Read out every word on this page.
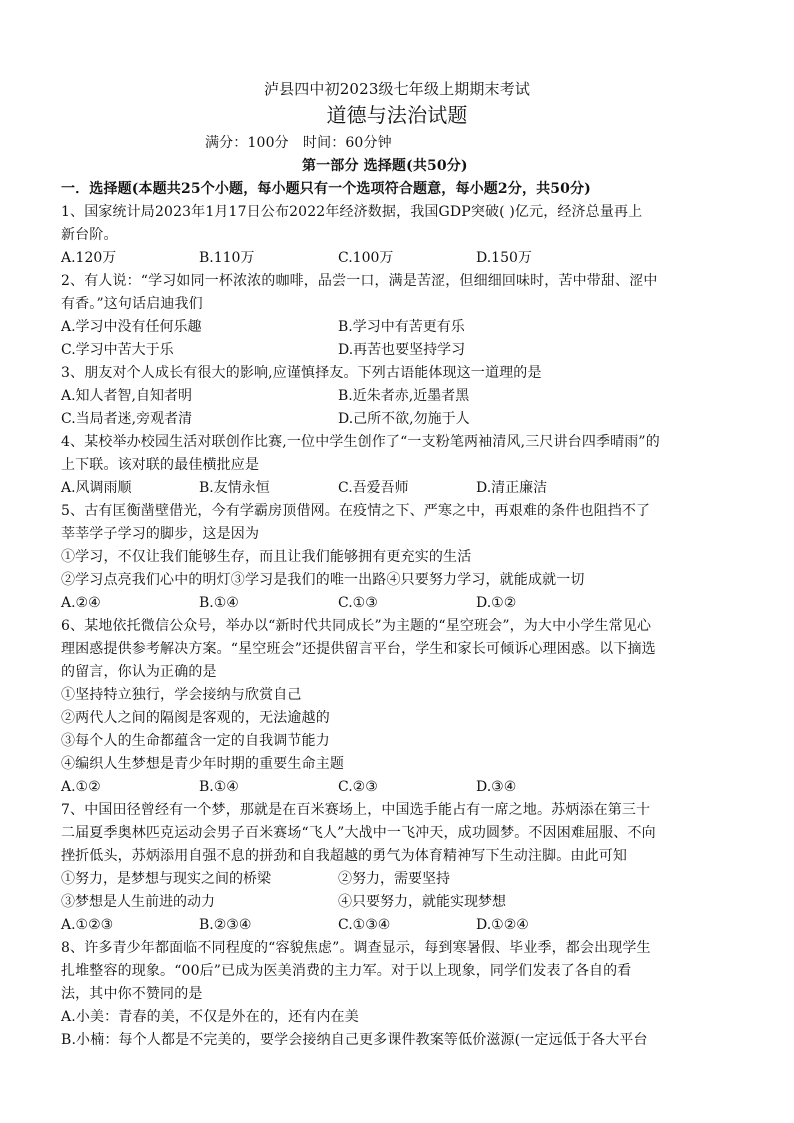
泸县四中初2023级七年级上期期末考试
道德与法治试题
满分：100分　时间：60分钟
第一部分 选择题(共50分)
一．选择题(本题共25个小题，每小题只有一个选项符合题意，每小题2分，共50分)
1、国家统计局2023年1月17日公布2022年经济数据，我国GDP突破( )亿元，经济总量再上
新台阶。
A.120万	B.110万	C.100万	D.150万
2、有人说：“学习如同一杯浓浓的咖啡，品尝一口，满是苦涩，但细细回味时，苦中带甜、涩中
有香。”这句话启迪我们
A.学习中没有任何乐趣	B.学习中有苦更有乐
C.学习中苦大于乐	D.再苦也要坚持学习
3、朋友对个人成长有很大的影响,应谨慎择友。下列古语能体现这一道理的是
A.知人者智,自知者明	B.近朱者赤,近墨者黑
C.当局者迷,旁观者清	D.己所不欲,勿施于人
4、某校举办校园生活对联创作比赛,一位中学生创作了“一支粉笔两袖清风,三尺讲台四季晴雨”的
上下联。该对联的最佳横批应是
A.风调雨顺	B.友情永恒	C.吾爱吾师	D.清正廉洁
5、古有匡衡凿壁借光，今有学霸房顶借网。在疫情之下、严寒之中，再艰难的条件也阻挡不了
莘莘学子学习的脚步，这是因为
①学习，不仅让我们能够生存，而且让我们能够拥有更充实的生活
②学习点亮我们心中的明灯③学习是我们的唯一出路④只要努力学习，就能成就一切
A.②④	B.①④	C.①③	D.①②
6、某地依托微信公众号，举办以“新时代共同成长”为主题的“星空班会”，为大中小学生常见心
理困惑提供参考解决方案。“星空班会”还提供留言平台，学生和家长可倾诉心理困惑。以下摘选
的留言，你认为正确的是
①坚持特立独行，学会接纳与欣赏自己
②两代人之间的隔阂是客观的，无法逾越的
③每个人的生命都蕴含一定的自我调节能力
④编织人生梦想是青少年时期的重要生命主题
A.①②	B.①④	C.②③	D.③④
7、中国田径曾经有一个梦，那就是在百米赛场上，中国选手能占有一席之地。苏炳添在第三十
二届夏季奥林匹克运动会男子百米赛场“飞人”大战中一飞冲天，成功圆梦。不因困难屈服、不向
挫折低头，苏炳添用自强不息的拼劲和自我超越的勇气为体育精神写下生动注脚。由此可知
①努力，是梦想与现实之间的桥梁	②努力，需要坚持
③梦想是人生前进的动力	④只要努力，就能实现梦想
A.①②③	B.②③④	C.①③④	D.①②④
8、许多青少年都面临不同程度的“容貌焦虑”。调查显示，每到寒暑假、毕业季，都会出现学生
扎堆整容的现象。“00后”已成为医美消费的主力军。对于以上现象，同学们发表了各自的看
法，其中你不赞同的是
A.小美：青春的美，不仅是外在的，还有内在美
B.小楠：每个人都是不完美的，要学会接纳自己更多课件教案等低价滋源(一定远低于各大平台
